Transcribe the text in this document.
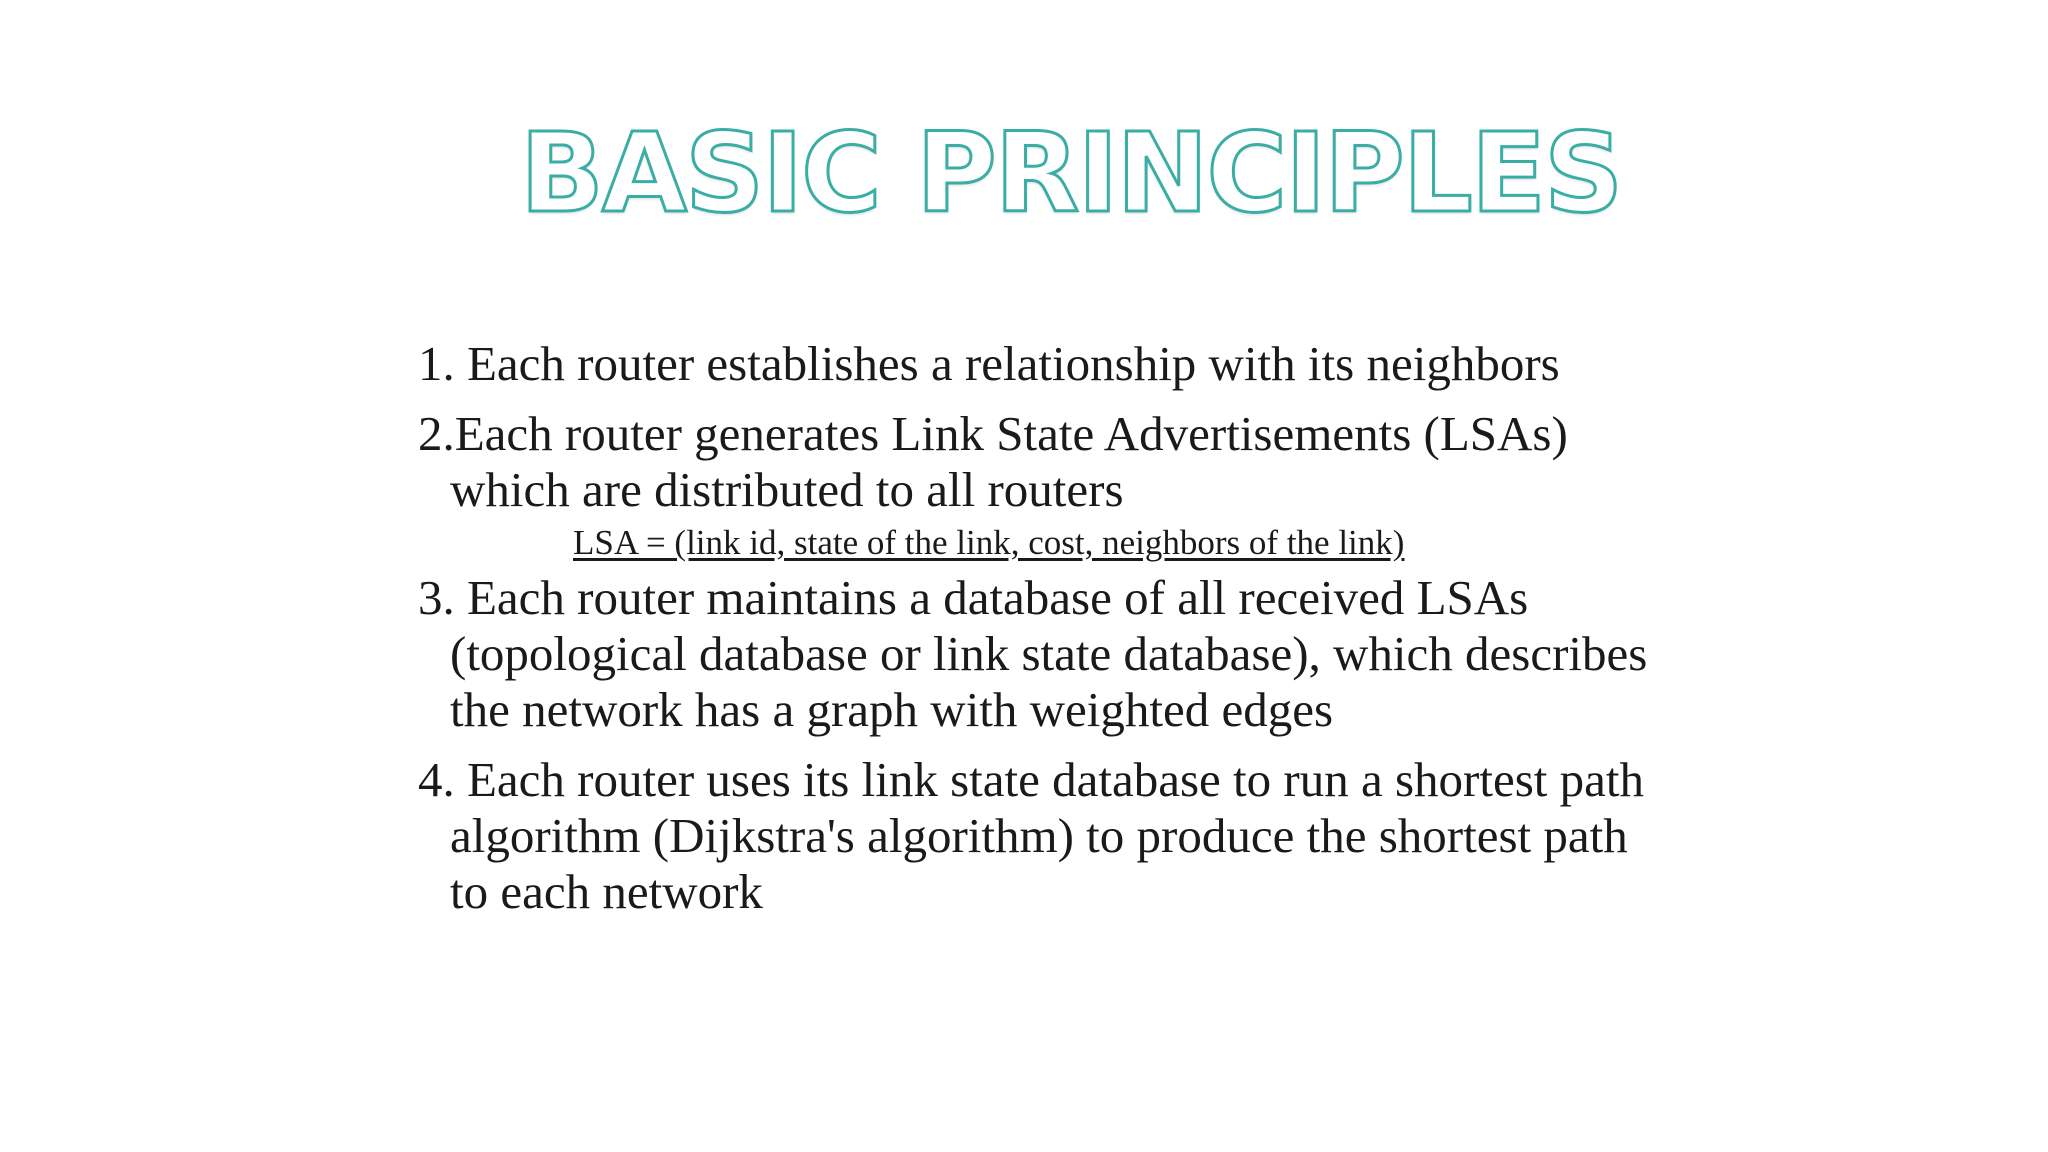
BASIC PRINCIPLES
1. Each router establishes a relationship with its neighbors
2.Each router generates Link State Advertisements (LSAs)
which are distributed to all routers
LSA = (link id, state of the link, cost, neighbors of the link)
3. Each router maintains a database of all received LSAs
(topological database or link state database), which describes
the network has a graph with weighted edges
4. Each router uses its link state database to run a shortest path
algorithm (Dijkstra's algorithm) to produce the shortest path
to each network
